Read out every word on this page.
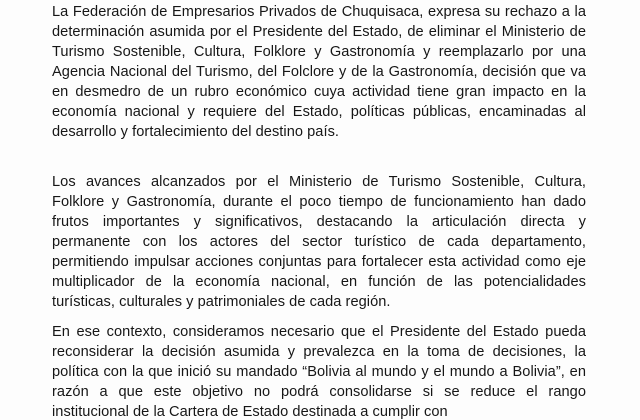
La Federación de Empresarios Privados de Chuquisaca, expresa su rechazo a la determinación asumida por el Presidente del Estado, de eliminar el Ministerio de Turismo Sostenible, Cultura, Folklore y Gastronomía y reemplazarlo por una Agencia Nacional del Turismo, del Folclore y de la Gastronomía, decisión que va en desmedro de un rubro económico cuya actividad tiene gran impacto en la economía nacional y requiere del Estado, políticas públicas, encaminadas al desarrollo y fortalecimiento del destino país.

Los avances alcanzados por el Ministerio de Turismo Sostenible, Cultura, Folklore y Gastronomía, durante el poco tiempo de funcionamiento han dado frutos importantes y significativos, destacando la articulación directa y permanente con los actores del sector turístico de cada departamento, permitiendo impulsar acciones conjuntas para fortalecer esta actividad como eje multiplicador de la economía nacional, en función de las potencialidades turísticas, culturales y patrimoniales de cada región.

En ese contexto, consideramos necesario que el Presidente del Estado pueda reconsiderar la decisión asumida y prevalezca en la toma de decisiones, la política con la que inició su mandado “Bolivia al mundo y el mundo a Bolivia”, en razón a que este objetivo no podrá consolidarse si se reduce el rango institucional de la Cartera de Estado destinada a cumplir con
